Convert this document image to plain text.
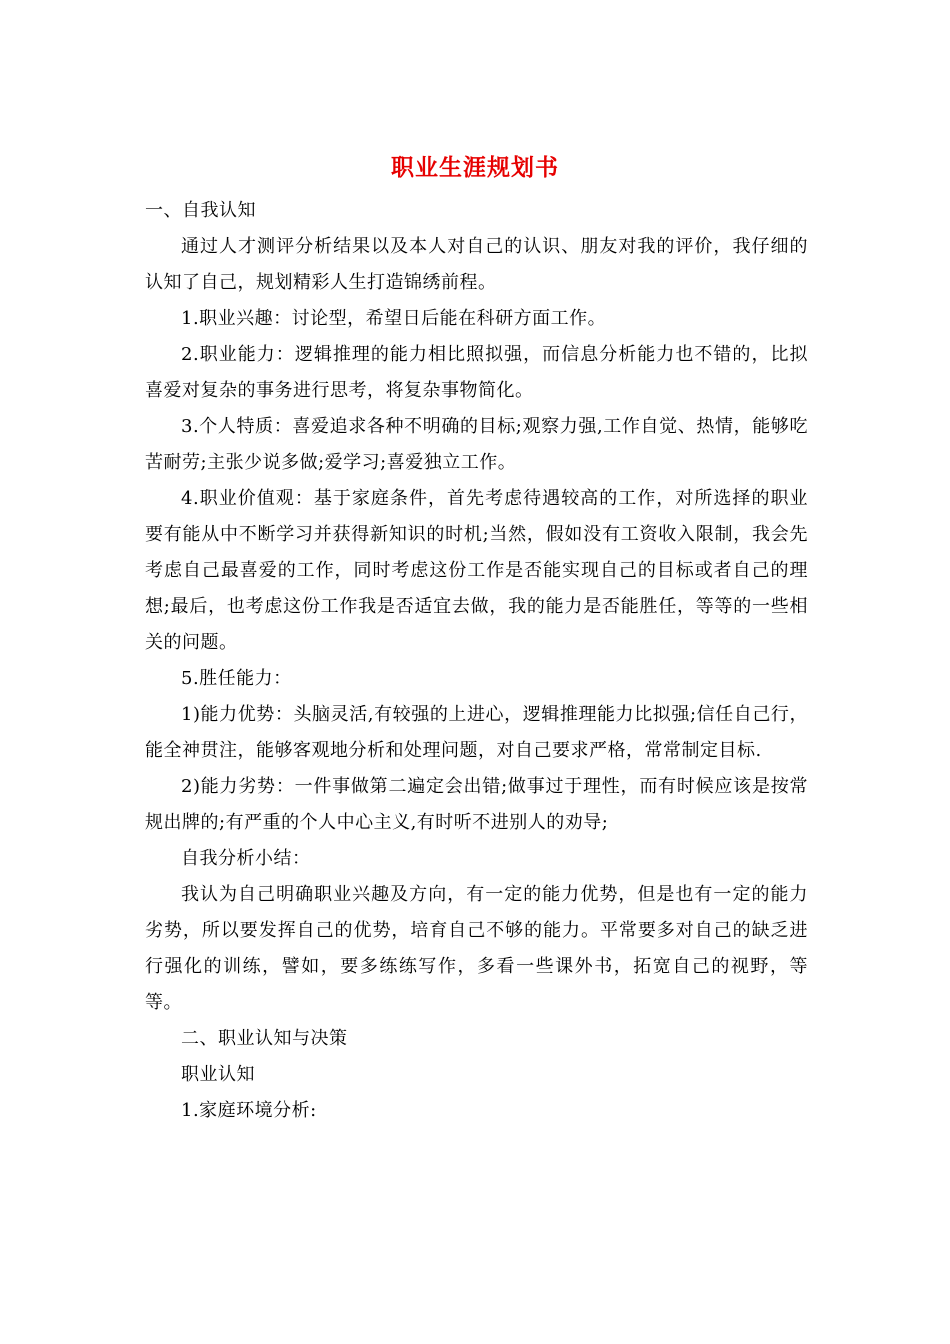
职业生涯规划书

一、自我认知

通过人才测评分析结果以及本人对自己的认识、朋友对我的评价，我仔细的认知了自己，规划精彩人生打造锦绣前程。

1.职业兴趣：讨论型，希望日后能在科研方面工作。

2.职业能力：逻辑推理的能力相比照拟强，而信息分析能力也不错的，比拟喜爱对复杂的事务进行思考，将复杂事物简化。

3.个人特质：喜爱追求各种不明确的目标;观察力强,工作自觉、热情，能够吃苦耐劳;主张少说多做;爱学习;喜爱独立工作。

4.职业价值观：基于家庭条件，首先考虑待遇较高的工作，对所选择的职业要有能从中不断学习并获得新知识的时机;当然，假如没有工资收入限制，我会先考虑自己最喜爱的工作，同时考虑这份工作是否能实现自己的目标或者自己的理想;最后，也考虑这份工作我是否适宜去做，我的能力是否能胜任，等等的一些相关的问题。

5.胜任能力：

1)能力优势：头脑灵活,有较强的上进心，逻辑推理能力比拟强;信任自己行，能全神贯注，能够客观地分析和处理问题，对自己要求严格，常常制定目标.

2)能力劣势：一件事做第二遍定会出错;做事过于理性，而有时候应该是按常规出牌的;有严重的个人中心主义,有时听不进别人的劝导;

自我分析小结：

我认为自己明确职业兴趣及方向，有一定的能力优势，但是也有一定的能力劣势，所以要发挥自己的优势，培育自己不够的能力。平常要多对自己的缺乏进行强化的训练，譬如，要多练练写作，多看一些课外书，拓宽自己的视野，等等。

二、职业认知与决策

职业认知

1.家庭环境分析:
